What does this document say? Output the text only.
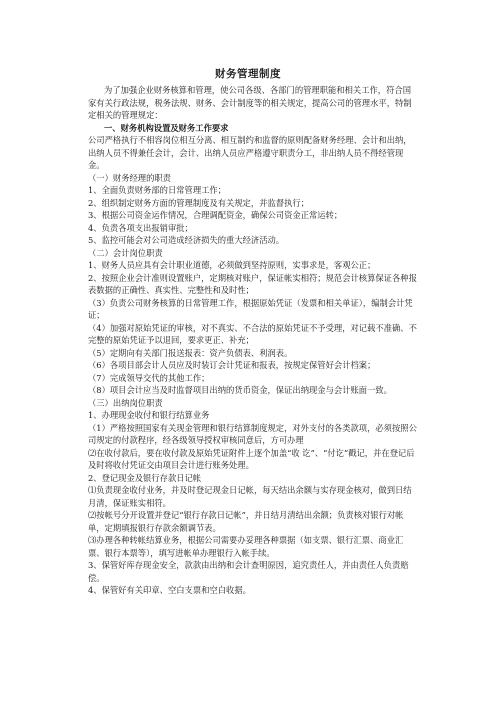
财务管理制度

为了加强企业财务核算和管理，使公司各级、各部门的管理职能和相关工作，符合国家有关行政法规，税务法规、财务、会计制度等的相关规定，提高公司的管理水平，特制定相关的管理规定：

一、财务机构设置及财务工作要求

公司严格执行不相容岗位相互分离、相互制约和监督的原则配备财务经理、会计和出纳，出纳人员不得兼任会计，会计、出纳人员应严格遵守职责分工，非出纳人员不得经管现金。

（一）财务经理的职责

1、全面负责财务部的日常管理工作；

2、组织制定财务方面的管理制度及有关规定，并监督执行；

3、根据公司资金运作情况，合理调配资金，确保公司资金正常运转；

4、负责各项支出报销审批；

5、监控可能会对公司造成经济损失的重大经济活动。

（二）会计岗位职责

1、财务人员应具有会计职业道德，必须做到坚持原则，实事求是，客观公正；

2、按照企业会计准则设置账户，定期核对账户，保证帐实相符；规范会计核算保证各种报表数据的正确性、真实性、完整性和及时性；

（3）负责公司财务核算的日常管理工作，根据原始凭证（发票和相关单证），编制会计凭证；

（4）加强对原始凭证的审核，对不真实、不合法的原始凭证不予受理，对记载不准确、不完整的原始凭证予以退回，要求更正、补充；

（5）定期向有关部门报送报表：资产负债表、利润表。

（6）各项目部会计人员应及时装订会计凭证和报表，按规定保管好会计档案；

（7）完成领导交代的其他工作；

（8）项目会计应当及时监督项目出纳的货币资金，保证出纳现金与会计账面一致。

（三）出纳岗位职责

1、办理现金收付和银行结算业务

（1）严格按照国家有关现金管理和银行结算制度规定，对外支付的各类款项，必须按照公司规定的付款程序，经各级领导授权审核同意后，方可办理

⑵在收付款后，要在收付款及原始凭证附件上逐个加盖“收 讫”、“付讫”戳记，并在登记后及时将收付凭证交由项目会计进行账务处理。

2、登记现金及银行存款日记帐

⑴负责现金收付业务，并及时登记现金日记帐，每天结出余额与实存现金核对，做到日结月清，保证账实相符。

⑵按帐号分开设置并登记“银行存款日记帐”，并日结月清结出余额；负责核对银行对帐单，定期填报银行存款余额调节表。

⑶办理各种转帐结算业务，根据公司需要办妥理各种票据（如支票、银行汇票、商业汇票、银行本票等），填写进帐单办理银行入帐手续。

3、保管好库存现金安全，款款由出纳和会计查明原因，追究责任人，并由责任人负责赔偿。

4、保管好有关印章、空白支票和空白收据。
